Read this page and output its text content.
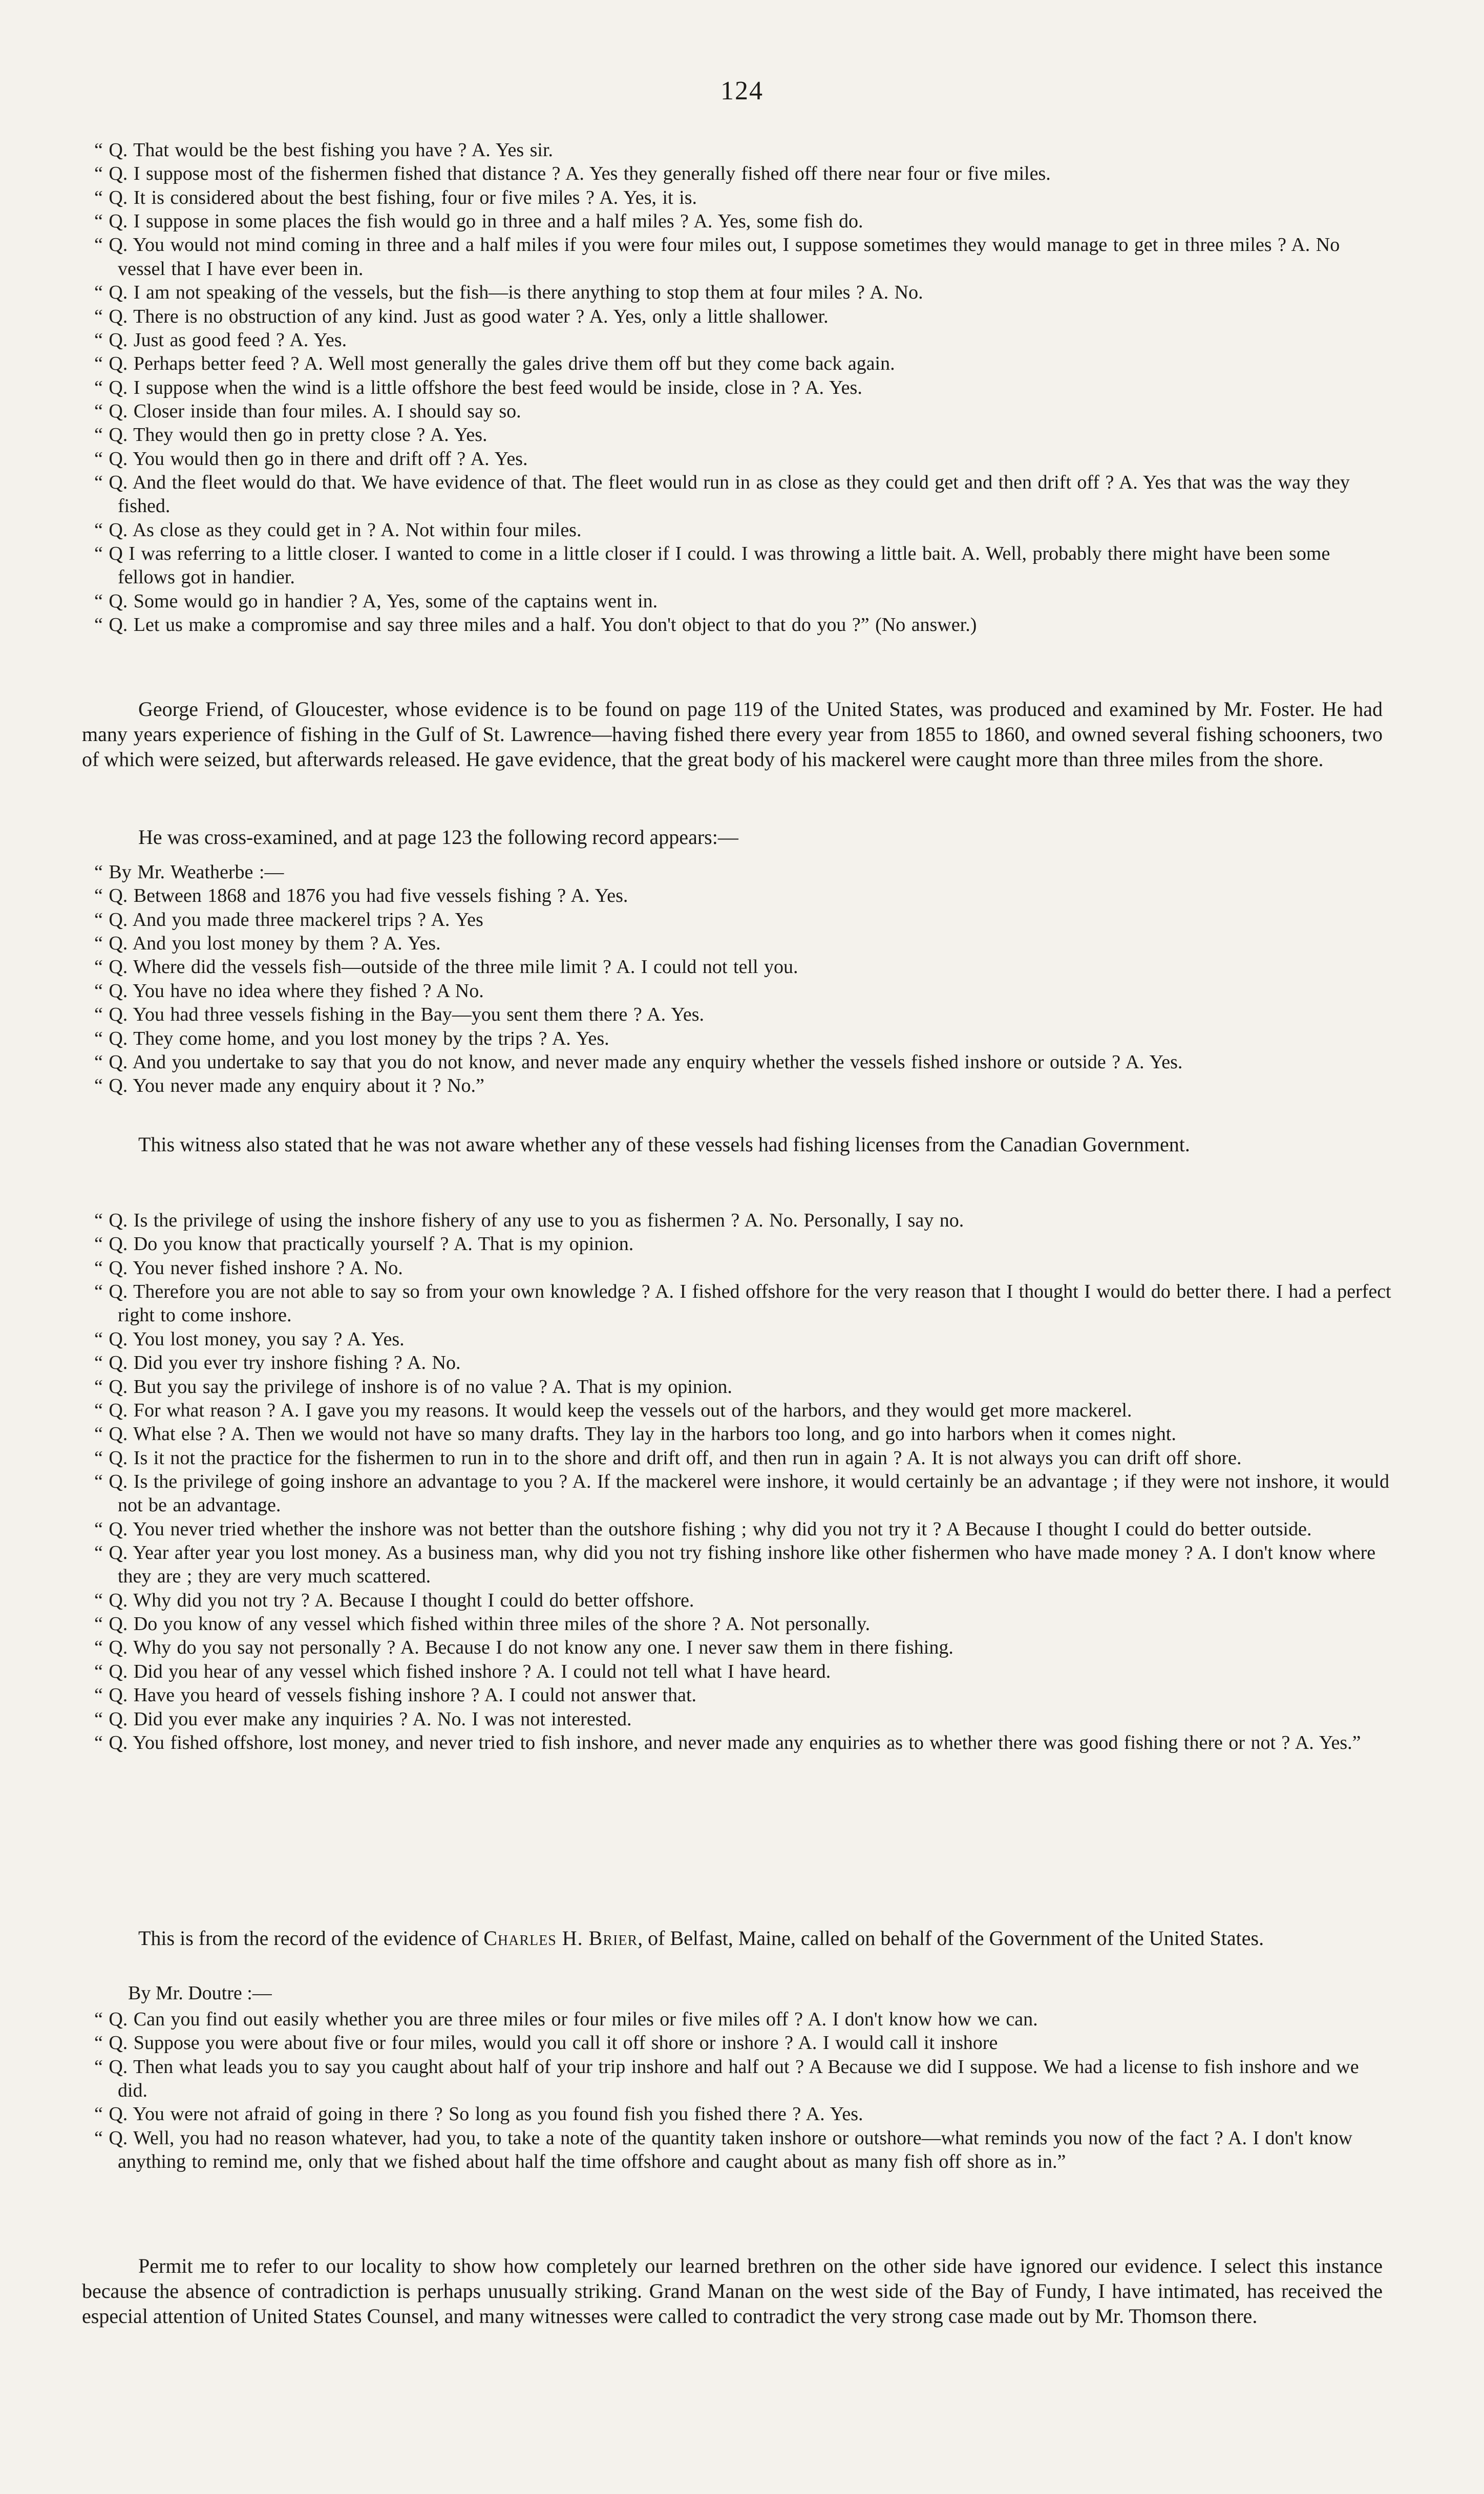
124

“ Q. That would be the best fishing you have ? A. Yes sir.

“ Q. I suppose most of the fishermen fished that distance ? A. Yes they generally fished off there near four or five miles.

“ Q. It is considered about the best fishing, four or five miles ? A. Yes, it is.

“ Q. I suppose in some places the fish would go in three and a half miles ? A. Yes, some fish do.

“ Q. You would not mind coming in three and a half miles if you were four miles out, I suppose sometimes they would manage to get in three miles ? A. No vessel that I have ever been in.

“ Q. I am not speaking of the vessels, but the fish—is there anything to stop them at four miles ? A. No.

“ Q. There is no obstruction of any kind. Just as good water ? A. Yes, only a little shallower.

“ Q. Just as good feed ? A. Yes.

“ Q. Perhaps better feed ? A. Well most generally the gales drive them off but they come back again.

“ Q. I suppose when the wind is a little offshore the best feed would be inside, close in ? A. Yes.

“ Q. Closer inside than four miles. A. I should say so.

“ Q. They would then go in pretty close ? A. Yes.

“ Q. You would then go in there and drift off ? A. Yes.

“ Q. And the fleet would do that. We have evidence of that. The fleet would run in as close as they could get and then drift off ? A. Yes that was the way they fished.

“ Q. As close as they could get in ? A. Not within four miles.

“ Q I was referring to a little closer. I wanted to come in a little closer if I could. I was throwing a little bait. A. Well, probably there might have been some fellows got in handier.

“ Q. Some would go in handier ? A, Yes, some of the captains went in.

“ Q. Let us make a compromise and say three miles and a half. You don't object to that do you ?” (No answer.)

George Friend, of Gloucester, whose evidence is to be found on page 119 of the United States, was produced and examined by Mr. Foster. He had many years experience of fishing in the Gulf of St. Lawrence—having fished there every year from 1855 to 1860, and owned several fishing schooners, two of which were seized, but afterwards released. He gave evidence, that the great body of his mackerel were caught more than three miles from the shore.

He was cross-examined, and at page 123 the following record appears:—

“ By Mr. Weatherbe :—

“ Q. Between 1868 and 1876 you had five vessels fishing ? A. Yes.

“ Q. And you made three mackerel trips ? A. Yes

“ Q. And you lost money by them ? A. Yes.

“ Q. Where did the vessels fish—outside of the three mile limit ? A. I could not tell you.

“ Q. You have no idea where they fished ? A No.

“ Q. You had three vessels fishing in the Bay—you sent them there ? A. Yes.

“ Q. They come home, and you lost money by the trips ? A. Yes.

“ Q. And you undertake to say that you do not know, and never made any enquiry whether the vessels fished inshore or outside ? A. Yes.

“ Q. You never made any enquiry about it ? No.”

This witness also stated that he was not aware whether any of these vessels had fishing licenses from the Canadian Government.

“ Q. Is the privilege of using the inshore fishery of any use to you as fishermen ? A. No. Personally, I say no.

“ Q. Do you know that practically yourself ? A. That is my opinion.

“ Q. You never fished inshore ? A. No.

“ Q. Therefore you are not able to say so from your own knowledge ? A. I fished offshore for the very reason that I thought I would do better there. I had a perfect right to come inshore.

“ Q. You lost money, you say ? A. Yes.

“ Q. Did you ever try inshore fishing ? A. No.

“ Q. But you say the privilege of inshore is of no value ? A. That is my opinion.

“ Q. For what reason ? A. I gave you my reasons. It would keep the vessels out of the harbors, and they would get more mackerel.

“ Q. What else ? A. Then we would not have so many drafts. They lay in the harbors too long, and go into harbors when it comes night.

“ Q. Is it not the practice for the fishermen to run in to the shore and drift off, and then run in again ? A. It is not always you can drift off shore.

“ Q. Is the privilege of going inshore an advantage to you ? A. If the mackerel were inshore, it would certainly be an advantage ; if they were not inshore, it would not be an advantage.

“ Q. You never tried whether the inshore was not better than the outshore fishing ; why did you not try it ? A Because I thought I could do better outside.

“ Q. Year after year you lost money. As a business man, why did you not try fishing inshore like other fishermen who have made money ? A. I don't know where they are ; they are very much scattered.

“ Q. Why did you not try ? A. Because I thought I could do better offshore.

“ Q. Do you know of any vessel which fished within three miles of the shore ? A. Not personally.

“ Q. Why do you say not personally ? A. Because I do not know any one. I never saw them in there fishing.

“ Q. Did you hear of any vessel which fished inshore ? A. I could not tell what I have heard.

“ Q. Have you heard of vessels fishing inshore ? A. I could not answer that.

“ Q. Did you ever make any inquiries ? A. No. I was not interested.

“ Q. You fished offshore, lost money, and never tried to fish inshore, and never made any enquiries as to whether there was good fishing there or not ? A. Yes.”

This is from the record of the evidence of Charles H. Brier, of Belfast, Maine, called on behalf of the Government of the United States.

By Mr. Doutre :—

“ Q. Can you find out easily whether you are three miles or four miles or five miles off ? A. I don't know how we can.

“ Q. Suppose you were about five or four miles, would you call it off shore or inshore ? A. I would call it inshore

“ Q. Then what leads you to say you caught about half of your trip inshore and half out ? A Because we did I suppose. We had a license to fish inshore and we did.

“ Q. You were not afraid of going in there ? So long as you found fish you fished there ? A. Yes.

“ Q. Well, you had no reason whatever, had you, to take a note of the quantity taken inshore or outshore—what reminds you now of the fact ? A. I don't know anything to remind me, only that we fished about half the time offshore and caught about as many fish off shore as in.”

Permit me to refer to our locality to show how completely our learned brethren on the other side have ignored our evidence. I select this instance because the absence of contradiction is perhaps unusually striking. Grand Manan on the west side of the Bay of Fundy, I have intimated, has received the especial attention of United States Counsel, and many witnesses were called to contradict the very strong case made out by Mr. Thomson there.
